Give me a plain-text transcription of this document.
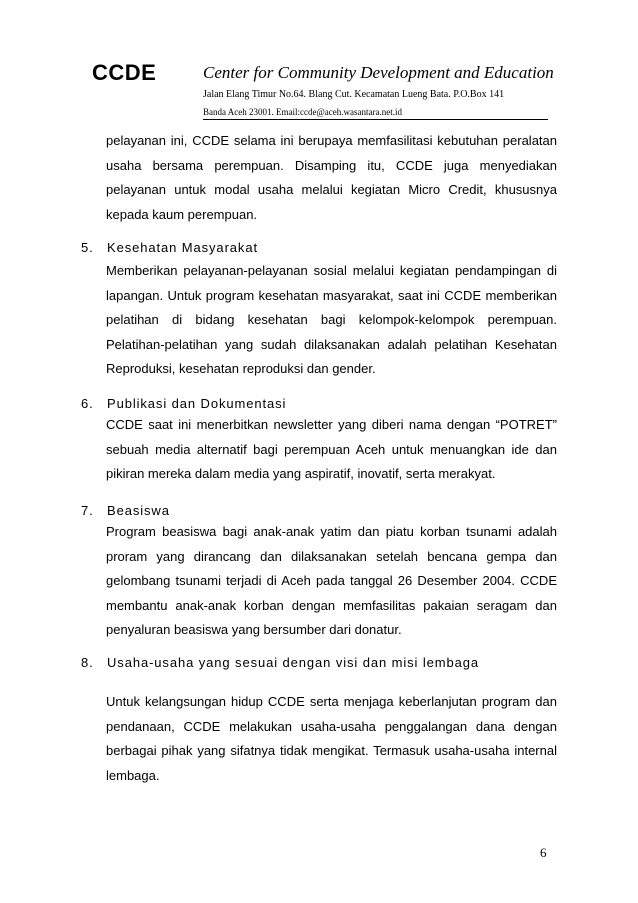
CCDE	Center for Community Development and Education
Jalan Elang Timur No.64. Blang Cut. Kecamatan Lueng Bata. P.O.Box 141
Banda Aceh 23001. Email:ccde@aceh.wasantara.net.id

pelayanan ini, CCDE selama ini berupaya memfasilitasi kebutuhan peralatan usaha bersama perempuan. Disamping itu, CCDE juga menyediakan pelayanan untuk modal usaha melalui kegiatan Micro Credit, khususnya kepada kaum perempuan.

5. Kesehatan Masyarakat

Memberikan pelayanan-pelayanan sosial melalui kegiatan pendampingan di lapangan. Untuk program kesehatan masyarakat, saat ini CCDE memberikan pelatihan di bidang kesehatan bagi kelompok-kelompok perempuan. Pelatihan-pelatihan yang sudah dilaksanakan adalah pelatihan Kesehatan Reproduksi, kesehatan reproduksi dan gender.

6. Publikasi dan Dokumentasi

CCDE saat ini menerbitkan newsletter yang diberi nama dengan “POTRET” sebuah media alternatif bagi perempuan Aceh untuk menuangkan ide dan pikiran mereka dalam media yang aspiratif, inovatif, serta merakyat.

7. Beasiswa

Program beasiswa bagi anak-anak yatim dan piatu korban tsunami adalah proram yang dirancang dan dilaksanakan setelah bencana gempa dan gelombang tsunami terjadi di Aceh pada tanggal 26 Desember 2004. CCDE membantu anak-anak korban dengan memfasilitas pakaian seragam dan penyaluran beasiswa yang bersumber dari donatur.

8. Usaha-usaha yang sesuai dengan visi dan misi lembaga

Untuk kelangsungan hidup CCDE serta menjaga keberlanjutan program dan pendanaan, CCDE melakukan usaha-usaha penggalangan dana dengan berbagai pihak yang sifatnya tidak mengikat. Termasuk usaha-usaha internal lembaga.

6
